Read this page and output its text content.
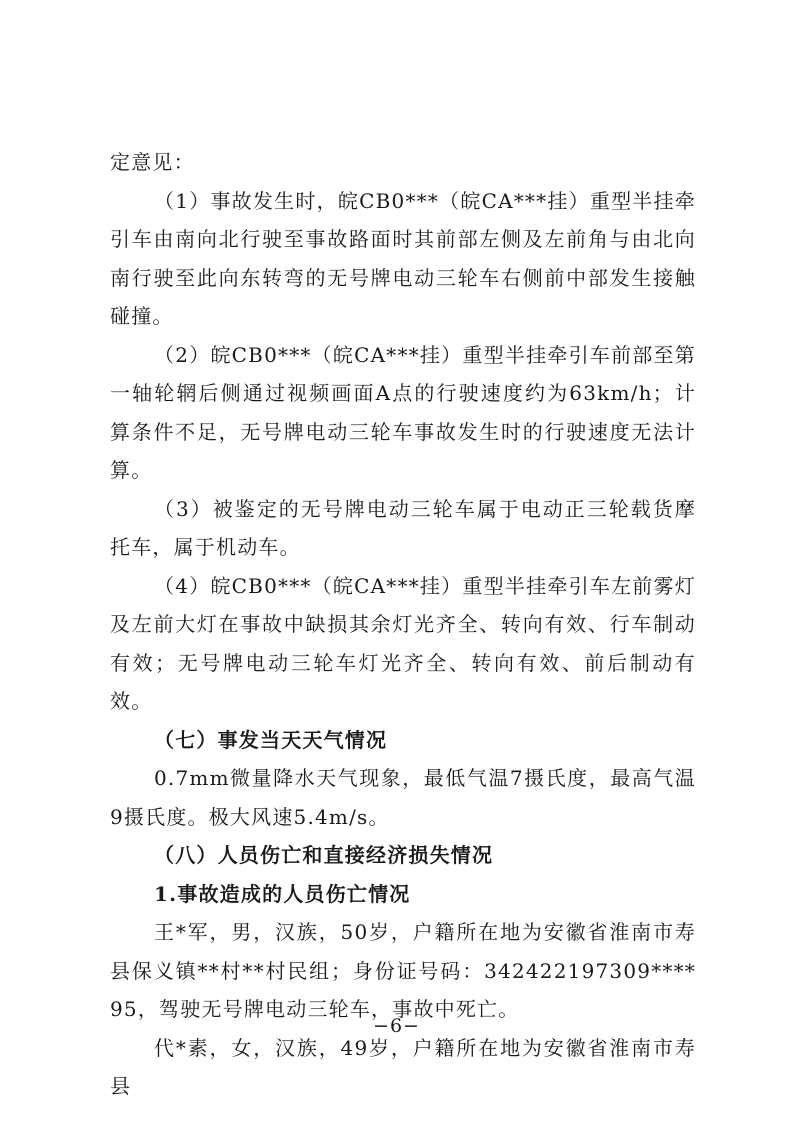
定意见：

（1）事故发生时，皖CB0***（皖CA***挂）重型半挂牵引车由南向北行驶至事故路面时其前部左侧及左前角与由北向南行驶至此向东转弯的无号牌电动三轮车右侧前中部发生接触碰撞。

（2）皖CB0***（皖CA***挂）重型半挂牵引车前部至第一轴轮辋后侧通过视频画面A点的行驶速度约为63km/h；计算条件不足，无号牌电动三轮车事故发生时的行驶速度无法计算。

（3）被鉴定的无号牌电动三轮车属于电动正三轮载货摩托车，属于机动车。

（4）皖CB0***（皖CA***挂）重型半挂牵引车左前雾灯及左前大灯在事故中缺损其余灯光齐全、转向有效、行车制动有效；无号牌电动三轮车灯光齐全、转向有效、前后制动有效。

（七）事发当天天气情况

0.7mm微量降水天气现象，最低气温7摄氏度，最高气温9摄氏度。极大风速5.4m/s。

（八）人员伤亡和直接经济损失情况

1.事故造成的人员伤亡情况

王*军，男，汉族，50岁，户籍所在地为安徽省淮南市寿县保义镇**村**村民组；身份证号码：342422197309****95，驾驶无号牌电动三轮车，事故中死亡。

代*素，女，汉族，49岁，户籍所在地为安徽省淮南市寿县

−6−
